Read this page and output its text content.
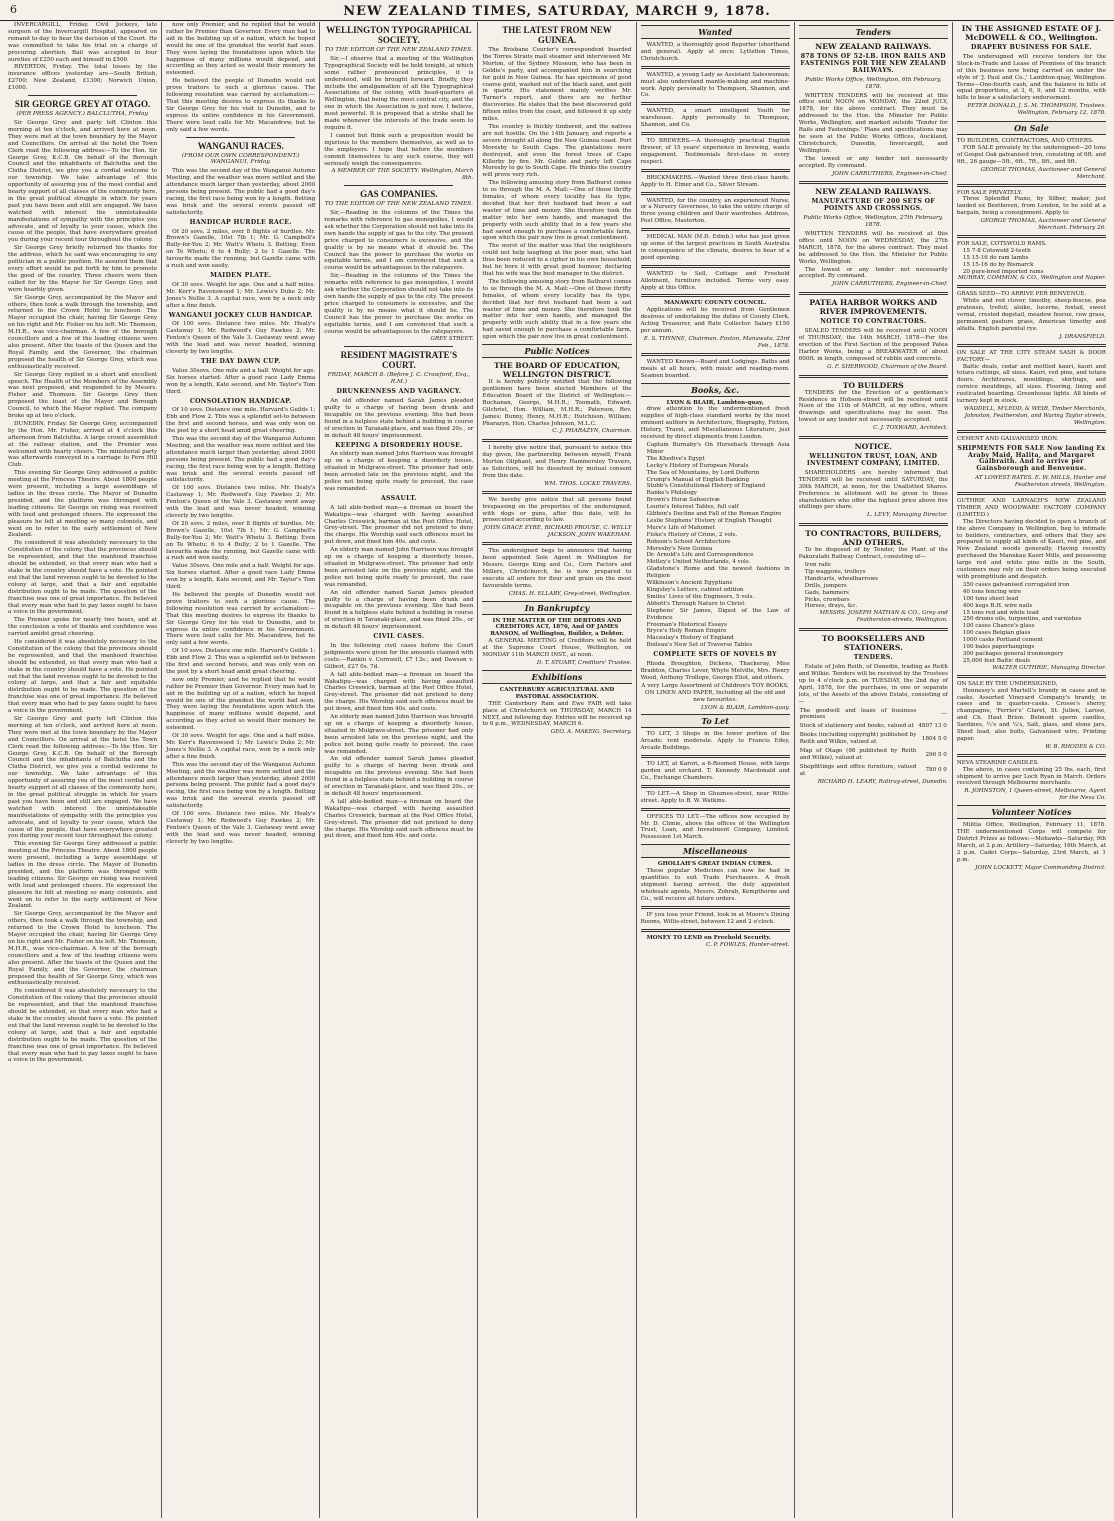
6	NEW ZEALAND TIMES, SATURDAY, MARCH 9, 1878.

INVERCARGILL, Friday. Civil Jockeys, late surgeon of the Invercargill Hospital, appeared on remand to-day to hear the decision of the Court. He was committed to take his trial on a charge of procuring abortion. Bail was accepted in four sureties of £250 each and himself in £500.

RIVERTON, Friday. The total losses by the insurance offices yesterday are—South British, £2700; New Zealand, £1300; Norwich Union, £1000.

SIR GEORGE GREY AT OTAGO.
(PER PRESS AGENCY.) BALCLUTHA, Friday.

Sir George Grey and party left Clinton this morning at ten o'clock, and arrived here at noon. They were met at the town boundary by the Mayor and Councillors. On arrival at the hotel the Town Clerk read the following address:—To the Hon. Sir George Grey, K.C.B. On behalf of the Borough Council and the inhabitants of Balclutha and the Clutha District, we give you a cordial welcome to our township. We take advantage of this opportunity of assuring you of the most cordial and hearty support of all classes of the community here, in the great political struggle in which for years past you have been and still are engaged. We have watched with interest the unmistakeable manifestations of sympathy with the principles you advocate, and of loyalty to your cause, which the cause of the people, that have everywhere greeted you during your recent tour throughout the colony.

Sir George Grey briefly returned his thanks for the address, which he said was encouraging to any politician in a public position. He assured them that every effort would be put forth by him to promote the good of the country. Three cheers were then called for by the Mayor for Sir George Grey, and were heartily given.

Sir George Grey, accompanied by the Mayor and others, then took a walk through the township, and returned to the Crown Hotel to luncheon. The Mayor occupied the chair, having Sir George Grey on his right and Mr. Fisher on his left. Mr. Thomson, M.H.R., was vice-chairman. A few of the borough councillors and a few of the leading citizens were also present. After the toasts of the Queen and the Royal Family, and the Governor, the chairman proposed the health of Sir George Grey, which was enthusiastically received.

Sir George Grey replied in a short and excellent speech. The Health of the Members of the Assembly was next proposed, and responded to by Messrs. Fisher and Thomson. Sir George Grey then proposed the toast of the Mayor and Borough Council, to which the Mayor replied. The company broke up at two o'clock.

DUNEDIN, Friday. Sir George Grey, accompanied by the Hon. Mr. Fisher, arrived at 4 o'clock this afternoon from Balclutha. A large crowd assembled at the railway station, and the Premier was welcomed with hearty cheers. The ministerial party was afterwards conveyed in a carriage to Fern Hill Club.

This evening Sir George Grey addressed a public meeting at the Princess Theatre. About 1800 people were present, including a large assemblage of ladies in the dress circle. The Mayor of Dunedin presided, and the platform was thronged with leading citizens. Sir George on rising was received with loud and prolonged cheers. He expressed the pleasure he felt at meeting so many colonists, and went on to refer to the early settlement of New Zealand.

He considered it was absolutely necessary to the Constitution of the colony that the provinces should be represented, and that the manhood franchise should be extended, so that every man who had a stake in the country should have a vote. He pointed out that the land revenue ought to be devoted to the colony at large, and that a fair and equitable distribution ought to be made. The question of the franchise was one of great importance. He believed that every man who had to pay taxes ought to have a voice in the government.

The Premier spoke for nearly two hours, and at the conclusion a vote of thanks and confidence was carried amidst great cheering.

He considered it was absolutely necessary to the Constitution of the colony that the provinces should be represented, and that the manhood franchise should be extended, so that every man who had a stake in the country should have a vote. He pointed out that the land revenue ought to be devoted to the colony at large, and that a fair and equitable distribution ought to be made. The question of the franchise was one of great importance. He believed that every man who had to pay taxes ought to have a voice in the government.

Sir George Grey and party left Clinton this morning at ten o'clock, and arrived here at noon. They were met at the town boundary by the Mayor and Councillors. On arrival at the hotel the Town Clerk read the following address:—To the Hon. Sir George Grey, K.C.B. On behalf of the Borough Council and the inhabitants of Balclutha and the Clutha District, we give you a cordial welcome to our township. We take advantage of this opportunity of assuring you of the most cordial and hearty support of all classes of the community here, in the great political struggle in which for years past you have been and still are engaged. We have watched with interest the unmistakeable manifestations of sympathy with the principles you advocate, and of loyalty to your cause, which the cause of the people, that have everywhere greeted you during your recent tour throughout the colony.

This evening Sir George Grey addressed a public meeting at the Princess Theatre. About 1800 people were present, including a large assemblage of ladies in the dress circle. The Mayor of Dunedin presided, and the platform was thronged with leading citizens. Sir George on rising was received with loud and prolonged cheers. He expressed the pleasure he felt at meeting so many colonists, and went on to refer to the early settlement of New Zealand.

Sir George Grey, accompanied by the Mayor and others, then took a walk through the township, and returned to the Crown Hotel to luncheon. The Mayor occupied the chair, having Sir George Grey on his right and Mr. Fisher on his left. Mr. Thomson, M.H.R., was vice-chairman. A few of the borough councillors and a few of the leading citizens were also present. After the toasts of the Queen and the Royal Family, and the Governor, the chairman proposed the health of Sir George Grey, which was enthusiastically received.

He considered it was absolutely necessary to the Constitution of the colony that the provinces should be represented, and that the manhood franchise should be extended, so that every man who had a stake in the country should have a vote. He pointed out that the land revenue ought to be devoted to the colony at large, and that a fair and equitable distribution ought to be made. The question of the franchise was one of great importance. He believed that every man who had to pay taxes ought to have a voice in the government.

now only Premier, and he replied that he would rather be Premier than Governor. Every man had to aid in the building up of a nation, which he hoped would be one of the grandest the world had seen. They were laying the foundations upon which the happiness of many millions would depend, and according as they acted so would their memory be esteemed.

He believed the people of Dunedin would not prove traitors to such a glorious cause. The following resolution was carried by acclamation:—That this meeting desires to express its thanks to Sir George Grey for his visit to Dunedin, and to express its entire confidence in his Government. There were loud calls for Mr. Macandrew, but he only said a few words.

WANGANUI RACES.
(FROM OUR OWN CORRESPONDENT.) WANGANUI, Friday.

This was the second day of the Wanganui Autumn Meeting, and the weather was more settled and the attendance much larger than yesterday, about 2000 persons being present. The public had a good day's racing, the first race being won by a length. Betting was brisk and the several events passed off satisfactorily.

HANDICAP HURDLE RACE.

Of 20 sovs. 2 miles, over 8 flights of hurdles. Mr. Brown's Gazelle, 10st 7lb 1; Mr. G. Campbell's Bully-for-You 2; Mr. Watt's Whetu 3. Betting: Even on Te Whetu; 6 to 4 Bully; 2 to 1 Gazelle. The favourite made the running, but Gazelle came with a rush and won easily.

MAIDEN PLATE.

Of 30 sovs. Weight for age. One and a half miles. Mr. Kerr's Ravenswood 1; Mr. Lewis's Duke 2; Mr. Jones's Nellie 3. A capital race, won by a neck only after a fine finish.

WANGANUI JOCKEY CLUB HANDICAP.

Of 100 sovs. Distance two miles. Mr. Healy's Castaway 1; Mr. Redwood's Guy Fawkes 2; Mr. Fenton's Queen of the Vale 3. Castaway went away with the lead and was never headed, winning cleverly by two lengths.

THE DAY DAWN CUP.

Value 30sovs. One mile and a half. Weight for age. Six horses started. After a good race Lady Emma won by a length, Kate second, and Mr. Taylor's Tom third.

CONSOLATION HANDICAP.

Of 10 sovs. Distance one mile. Harvard's Guilds 1; Ebb and Flow 2. This was a splendid set-to between the first and second horses, and was only won on the post by a short head amid great cheering.

This was the second day of the Wanganui Autumn Meeting, and the weather was more settled and the attendance much larger than yesterday, about 2000 persons being present. The public had a good day's racing, the first race being won by a length. Betting was brisk and the several events passed off satisfactorily.

Of 100 sovs. Distance two miles. Mr. Healy's Castaway 1; Mr. Redwood's Guy Fawkes 2; Mr. Fenton's Queen of the Vale 3. Castaway went away with the lead and was never headed, winning cleverly by two lengths.

Of 20 sovs. 2 miles, over 8 flights of hurdles. Mr. Brown's Gazelle, 10st 7lb 1; Mr. G. Campbell's Bully-for-You 2; Mr. Watt's Whetu 3. Betting: Even on Te Whetu; 6 to 4 Bully; 2 to 1 Gazelle. The favourite made the running, but Gazelle came with a rush and won easily.

Value 30sovs. One mile and a half. Weight for age. Six horses started. After a good race Lady Emma won by a length, Kate second, and Mr. Taylor's Tom third.

He believed the people of Dunedin would not prove traitors to such a glorious cause. The following resolution was carried by acclamation:—That this meeting desires to express its thanks to Sir George Grey for his visit to Dunedin, and to express its entire confidence in his Government. There were loud calls for Mr. Macandrew, but he only said a few words.

Of 10 sovs. Distance one mile. Harvard's Guilds 1; Ebb and Flow 2. This was a splendid set-to between the first and second horses, and was only won on the post by a short head amid great cheering.

now only Premier, and he replied that he would rather be Premier than Governor. Every man had to aid in the building up of a nation, which he hoped would be one of the grandest the world had seen. They were laying the foundations upon which the happiness of many millions would depend, and according as they acted so would their memory be esteemed.

Of 30 sovs. Weight for age. One and a half miles. Mr. Kerr's Ravenswood 1; Mr. Lewis's Duke 2; Mr. Jones's Nellie 3. A capital race, won by a neck only after a fine finish.

This was the second day of the Wanganui Autumn Meeting, and the weather was more settled and the attendance much larger than yesterday, about 2000 persons being present. The public had a good day's racing, the first race being won by a length. Betting was brisk and the several events passed off satisfactorily.

Of 100 sovs. Distance two miles. Mr. Healy's Castaway 1; Mr. Redwood's Guy Fawkes 2; Mr. Fenton's Queen of the Vale 3. Castaway went away with the lead and was never headed, winning cleverly by two lengths.

WELLINGTON TYPOGRAPHICAL SOCIETY.
TO THE EDITOR OF THE NEW ZEALAND TIMES.

Sir,—I observe that a meeting of the Wellington Typographical Society will be held tonight, at which some rather pronounced principles, it is understood, will be brought forward. Briefly, they include the amalgamation of all the Typographical Associations of the colony, with head-quarters at Wellington, that being the most central city, and the one in which the Association is just now, I believe, most powerful. It is proposed that a strike shall be made whenever the interests of the trade seem to require it.

I cannot but think such a proposition would be injurious to the members themselves, as well as to the employers. I hope that before the members commit themselves to any such course, they will seriously weigh the consequences.

A MEMBER OF THE SOCIETY. Wellington, March 8th.

GAS COMPANIES.
TO THE EDITOR OF THE NEW ZEALAND TIMES.

Sir,—Reading in the columns of the Times the remarks with reference to gas monopolies, I would ask whether the Corporation should not take into its own hands the supply of gas to the city. The present price charged to consumers is excessive, and the quality is by no means what it should be. The Council has the power to purchase the works on equitable terms, and I am convinced that such a course would be advantageous to the ratepayers.

Sir,—Reading in the columns of the Times the remarks with reference to gas monopolies, I would ask whether the Corporation should not take into its own hands the supply of gas to the city. The present price charged to consumers is excessive, and the quality is by no means what it should be. The Council has the power to purchase the works on equitable terms, and I am convinced that such a course would be advantageous to the ratepayers.

GREY STREET.

RESIDENT MAGISTRATE'S COURT.
FRIDAY, MARCH 8. (Before J. C. Crawford, Esq., R.M.)
DRUNKENNESS AND VAGRANCY.

An old offender named Sarah James pleaded guilty to a charge of having been drunk and incapable on the previous evening. She had been found in a helpless state behind a building in course of erection in Taranaki-place, and was fined 20s., or in default 48 hours' imprisonment.

KEEPING A DISORDERLY HOUSE.

An elderly man named John Harrison was brought up on a charge of keeping a disorderly house, situated in Mulgrave-street. The prisoner had only been arrested late on the previous night, and the police not being quite ready to proceed, the case was remanded.

ASSAULT.

A tall able-bodied man—a fireman on board the Wakatipu—was charged with having assaulted Charles Creswick, barman at the Post Office Hotel, Grey-street. The prisoner did not pretend to deny the charge. His Worship said such offences must be put down, and fined him 40s. and costs.

An elderly man named John Harrison was brought up on a charge of keeping a disorderly house, situated in Mulgrave-street. The prisoner had only been arrested late on the previous night, and the police not being quite ready to proceed, the case was remanded.

An old offender named Sarah James pleaded guilty to a charge of having been drunk and incapable on the previous evening. She had been found in a helpless state behind a building in course of erection in Taranaki-place, and was fined 20s., or in default 48 hours' imprisonment.

CIVIL CASES.

In the following civil cases before the Court judgments were given for the amounts claimed with costs:—Rankin v. Cornwell, £7 13s.; and Dawson v. Gilbert, £27 0s. 7d.

A tall able-bodied man—a fireman on board the Wakatipu—was charged with having assaulted Charles Creswick, barman at the Post Office Hotel, Grey-street. The prisoner did not pretend to deny the charge. His Worship said such offences must be put down, and fined him 40s. and costs.

An elderly man named John Harrison was brought up on a charge of keeping a disorderly house, situated in Mulgrave-street. The prisoner had only been arrested late on the previous night, and the police not being quite ready to proceed, the case was remanded.

An old offender named Sarah James pleaded guilty to a charge of having been drunk and incapable on the previous evening. She had been found in a helpless state behind a building in course of erection in Taranaki-place, and was fined 20s., or in default 48 hours' imprisonment.

A tall able-bodied man—a fireman on board the Wakatipu—was charged with having assaulted Charles Creswick, barman at the Post Office Hotel, Grey-street. The prisoner did not pretend to deny the charge. His Worship said such offences must be put down, and fined him 40s. and costs.

THE LATEST FROM NEW GUINEA.

The Brisbane Courier's correspondent boarded the Torres Straits mail steamer and interviewed Mr. Morton, of the Sydney Museum, who has been in Goldie's party, and accompanied him in searching for gold in New Guinea. He has specimens of good coarse gold, washed out of the black sand, and gold in quartz. His statement mainly verifies Mr. Turner's report, and there are no further discoveries. He states that the best discovered gold fifteen miles from the coast, and followed it up sixty miles.

The country is thickly timbered, and the natives are not hostile. On the 14th January, and reports a severe drought all along the New Guinea coast. Port Moresby to South Cape. The plantations were destroyed, and even the forest trees of Cape Killerby by fire. Mr. Goldie and party left Cape Moresby to go to South Cape. He thinks the country will prove very rich.

The following amusing story from Bathurst comes to us through the M. A. Mail:—One of those thrifty females, of whom every locality has its type, decided that her first husband had been a sad waster of time and money. She therefore took the matter into her own hands, and managed the property with such ability that in a few years she had saved enough to purchase a comfortable farm, upon which the pair now live in great contentment.

The worst of the matter was that the neighbours could not help laughing at the poor man, who had thus been reduced to a cipher in his own household; but he bore it with great good humour, declaring that his wife was the best manager in the district.

The following amusing story from Bathurst comes to us through the M. A. Mail:—One of those thrifty females, of whom every locality has its type, decided that her first husband had been a sad waster of time and money. She therefore took the matter into her own hands, and managed the property with such ability that in a few years she had saved enough to purchase a comfortable farm, upon which the pair now live in great contentment.

Public Notices
THE BOARD OF EDUCATION, WELLINGTON DISTRICT.

It is hereby publicly notified that the following gentlemen have been elected Members of the Education Board of the District of Wellington:—Buchanan, George, M.H.R.; Toomath, Edward; Gilchrist, Hon. William, M.H.R.; Paterson, Rev. James; Bunny, Henry, M.H.R.; Hutchison, William; Pharazyn, Hon. Charles Johnson, M.L.C.

C. J. PHARAZYN, Chairman.

I hereby give notice that, pursuant to notice this day given, the partnership between myself, Frank Morton Oliphant, and Henry Hammersley Travers, as Solicitors, will be dissolved by mutual consent from this date.

WM. THOS. LOCKE TRAVERS.

We hereby give notice that all persons found trespassing on the properties of the undersigned, with dogs or guns, after this date, will be prosecuted according to law.

JOHN GRACE EYRE, RICHARD PROUSE, C. WELLY JACKSON, JOHN WAKEHAM.

The undersigned begs to announce that having been appointed Sole Agent in Wellington for Messrs. George King and Co., Corn Factors and Millers, Christchurch, he is now prepared to execute all orders for flour and grain on the most favourable terms.

CHAS. H. ELLABY, Grey-street, Wellington.

In Bankruptcy
IN THE MATTER OF THE DEBTORS AND CREDITORS ACT, 1876, And OF JAMES RANSON, of Wellington, Builder, a Debtor.

A GENERAL MEETING of Creditors will be held at the Supreme Court House, Wellington, on MONDAY 11th MARCH INST., at noon.

D. T. STUART, Creditors' Trustee.

Exhibitions
CANTERBURY AGRICULTURAL AND PASTORAL ASSOCIATION.

THE Canterbury Ram and Ewe FAIR will take place at Christchurch on THURSDAY, MARCH 14 NEXT, and following day. Entries will be received up to 6 p.m., WEDNESDAY, MARCH 6.

GEO. A. MAKEIG, Secretary.

Wanted

WANTED, a thoroughly good Reporter (shorthand and general). Apply at once; Lyttelton Times, Christchurch.

WANTED, a young Lady as Assistant Saleswoman; must also understand mantle-making and machine-work. Apply personally to Thompson, Shannon, and Co.

WANTED, a smart intelligent Youth for warehouse. Apply personally to Thompson, Shannon, and Co.

TO BREWERS.—A thoroughly practical English Brewer, of 15 years' experience in brewing, wants engagement. Testimonials first-class in every respect.

BRICKMAKERS.—Wanted three first-class hands. Apply to H. Elmer and Co., Silver Stream.

WANTED, for the country, an experienced Nurse, or a Nursery Governess, to take the entire charge of three young children and their wardrobes. Address, Post Office, Masterton.

MEDICAL MAN (M.D. Edinb.) who has just given up some of the largest practices in South Australia in consequence of the climate, desires to hear of a good opening.

WANTED to Sell, Cottage and Freehold Allotment, furniture included. Terms very easy. Apply at this Office.

MANAWATU COUNTY COUNCIL.

Applications will be received from Gentlemen desirous of undertaking the duties of County Clerk, Acting Treasurer, and Rate Collector. Salary £150 per annum.

E. S. THYNNE, Chairman. Foxton, Manawatu, 23rd Feb., 1878.

WANTED Known—Board and Lodgings. Baths and meals at all hours, with music and reading-room. Seamen boarded.

Books, &c.
LYON & BLAIR, Lambton-quay,

draw attention to the undermentioned fresh supplies of high-class standard works by the most eminent authors in Architecture, Biography, Fiction, History, Travel, and Miscellaneous Literature, just received by direct shipments from London.

Captain Burnaby's On Horseback through Asia Minor
The Khedive's Egypt
Lecky's History of European Morals
The Sea of Mountains, by Lord Dufferin
Crump's Manual of English Banking
Stubb's Constitutional History of England
Ranke's Philology
Brown's Horæ Subsecivæ
Lourie's Interest Tables, full calf
Gibbon's Decline and Fall of the Roman Empire
Leslie Stephens' History of English Thought
Mure's Life of Mahomet
Fiske's History of Crime, 2 vols.
Robson's School Architecture
Moresby's New Guinea
Dr. Arnold's Life and Correspondence
Motley's United Netherlands, 4 vols.
Gladstone's Rome and the newest fashions in Religion
Wilkinson's Ancient Egyptians
Kingsley's Letters, cabinet edition
Smiles' Lives of the Engineers, 5 vols.
Abbott's Through Nature to Christ
Stephens' Sir James, Digest of the Law of Evidence
Freeman's Historical Essays
Bryce's Holy Roman Empire
Macaulay's History of England
Boileau's New Set of Traverse Tables
COMPLETE SETS OF NOVELS BY

Rhoda Broughton, Dickens, Thackeray, Miss Braddon, Charles Lever, Whyte Melville, Mrs. Henry Wood, Anthony Trollope, George Eliot, and others.

A very Large Assortment of Children's TOY BOOKS, ON LINEN AND PAPER, Including all the old and new favourites.

LYON & BLAIR, Lambton-quay.

To Let

TO LET, 3 Shops in the lower portion of the Arcade; rent moderate. Apply to Francis Edey, Arcade Buildings.

TO LET, at Karori, a 6-Roomed House, with large garden and orchard. T. Kennedy Macdonald and Co., Exchange Chambers.

TO LET.—A Shop in Ghuznee-street, near Willis-street. Apply to B. W. Watkins.

OFFICES TO LET.—The offices now occupied by Mr. D. Climie, above the offices of the Wellington Trust, Loan, and Investment Company, Limited. Possession 1st March.

Miscellaneous
GHOLLAH'S GREAT INDIAN CURES.

These popular Medicines can now be had in quantities to suit Trade Purchasers. A fresh shipment having arrived, the duly appointed wholesale agents, Messrs. Zohrab, Kempthorne and Co., will receive all future orders.

IF you lose your Friend, look in at Moore's Dining Rooms, Willis-street, between 12 and 2 o'clock.

MONEY TO LEND on Freehold Security.

C. P. FOWLES, Hunter-street.

Tenders
NEW ZEALAND RAILWAYS.
878 TONS OF 52-LB. IRON RAILS AND FASTENINGS FOR THE NEW ZEALAND RAILWAYS.
Public Works Office, Wellington, 6th February, 1878.

WRITTEN TENDERS will be received at this office until NOON on MONDAY, the 22nd JULY, 1878, for the above contract. They must be addressed to the Hon. the Minister for Public Works, Wellington, and marked outside 'Tender for Rails and Fastenings.' Plans and specifications may be seen at the Public Works Offices, Auckland, Christchurch, Dunedin, Invercargill, and Wellington.

The lowest or any tender not necessarily accepted. By command.

JOHN CARRUTHERS, Engineer-in-Chief.

NEW ZEALAND RAILWAYS.
MANUFACTURE OF 200 SETS OF POINTS AND CROSSINGS.
Public Works Office, Wellington, 27th February, 1878.

WRITTEN TENDERS will be received at this office until NOON on WEDNESDAY, the 27th MARCH, 1878, for the above contract. They must be addressed to the Hon. the Minister for Public Works, Wellington.

The lowest or any tender not necessarily accepted. By command.

JOHN CARRUTHERS, Engineer-in-Chief.

PATEA HARBOR WORKS AND RIVER IMPROVEMENTS.
NOTICE TO CONTRACTORS.

SEALED TENDERS will be received until NOON of THURSDAY, the 14th MARCH, 1878—For the erection of the First Section of the proposed Patea Harbor Works, being a BREAKWATER of about 600ft. in length, composed of rubble and concrete.

G. F. SHERWOOD, Chairman of the Board.

TO BUILDERS

TENDERS for the Erection of a gentleman's Residence in Hobson-street will be received until Noon of the 11th of MARCH, at my office, where drawings and specifications may be seen. The lowest or any tender not necessarily accepted.

C. J. TOXWARD, Architect.

NOTICE.
WELLINGTON TRUST, LOAN, AND INVESTMENT COMPANY, LIMITED.

SHAREHOLDERS are hereby informed that TENDERS will be received until SATURDAY, the 30th MARCH, at noon, for the Unallotted Shares. Preference in allotment will be given to those shareholders who offer the highest price above five shillings per share.

L. LEVY, Managing Director.

TO CONTRACTORS, BUILDERS, AND OTHERS.

To be disposed of by Tender, the Plant of the Pakuratahi Railway Contract, consisting of—

Iron rails
Tip waggons, trolleys
Handcarts, wheelbarrows
Drills, jumpers
Gads, hammers
Picks, crowbars
Horses, drays, &c.

MESSRS. JOSEPH NATHAN & CO., Grey and Featherston-streets, Wellington.

TO BOOKSELLERS AND STATIONERS.
TENDERS.

Estate of John Reith, of Dunedin, trading as Reith and Wilkie. Tenders will be received by the Trustees up to 4 o'clock p.m. on TUESDAY, the 2nd day of April, 1878, for the purchase, in one or separate lots, of the Assets of the above Estate, consisting of—

The goodwill and lease of business premises	—
Stock of stationery and books, valued at	4807 13 0
Books (including copyright) published by Reith and Wilkie, valued at	1804 5 0
Map of Otago (98 published by Reith and Wilkie), valued at	296 5 0
Shopfittings and office furniture, valued at	780 0 0

RICHARD H. LEARY, Rattray-street, Dunedin.

IN THE ASSIGNED ESTATE OF J. McDOWELL & CO., Wellington.
DRAPERY BUSINESS FOR SALE.

The undersigned will receive tenders for the Stock-in-Trade and Lease of Premises of the branch of this business now being carried on under the style of 'J. Paul and Co.,' Lambton-quay, Wellington. Terms—One-fourth cash, and the balance in bills of equal proportions, at 3, 6, 9, and 12 months, with bills to bear a satisfactory endorsement.

PETER DONALD, J. S. M. THOMPSON, Trustees. Wellington, February 12, 1878.

On Sale
TO BUILDERS, CONTRACTORS, AND OTHERS.

FOR SALE privately by the undersigned—20 tons of Gospel Oak galvanised iron, consisting of 6ft. and 9ft., 26 gauge—5ft., 6ft., 7ft., 8ft., and 9ft.

GEORGE THOMAS, Auctioneer and General Merchant.

FOR SALE PRIVATELY.

Three Splendid Piano, by Silber, maker, just landed ex Beethoven, from London, to be sold at a bargain, being a consignment. Apply to

GEORGE THOMAS, Auctioneer and General Merchant. February 26.

FOR SALE, COTSWOLD RAMS.
15 7-8 Cotswold 2-teeth
15 15-16 do ram lambs
15 15-16 do by Bismarck
20 pure-bred imported rams

MURRAY, COMMON, & CO., Wellington and Napier.

GRASS SEED—TO ARRIVE PER BENVENUE.

White and red clover, timothy, sheep-fescue, poa pratensis, trefoil, alsike, lucerne, foxtail, sweet vernal, crested dogstail, meadow fescue, cow grass, permanent pasture grass, American timothy and alfalfa. English parental rye.

J. DRANSFIELD.

ON SALE AT THE CITY STEAM SASH & DOOR FACTORY—

Baltic deals, cedar and mottled kauri, kauri and totara cuttings, all sizes. Kauri, red pine, and totara doors. Architraves, mouldings, skirtings, and cornice mouldings, all sizes. Flooring, lining and rusticated boarding. Greenhouse lights. All kinds of turnery kept in stock.

WADDELL, M'LEOD, & WEIR, Timber Merchants, Johnston, Featherston, and Waring Taylor streets, Wellington.

CEMENT AND GALVANISED IRON.
SHIPMENTS FOR SALE Now landing Ex Araby Maid, Halita, and Margaret Galbraith. And to arrive per Gainsborough and Benvenue.

AT LOWEST RATES. E. W. MILLS, Hunter and Featherston streets, Wellington.

GUTHRIE AND LARNACH'S NEW ZEALAND TIMBER AND WOODWARE FACTORY COMPANY (LIMITED.)

The Directors having decided to open a branch of the above Company in Wellington, beg to intimate to builders, contractors, and others that they are prepared to supply all kinds of Kauri, red pine, and New Zealand woods generally. Having recently purchased the Manukau Kauri Mills, and possessing large red and white pine mills in the South, customers may rely on their orders being executed with promptitude and despatch.

350 cases galvanised corrugated iron
40 tons fencing wire
100 tons sheet lead
400 kegs B.H. wire nails
15 tons red and white lead
250 drums oils, turpentine, and varnishes
100 cases Chance's glass
100 cases Belgian glass
1000 casks Portland cement
100 bales paperhangings
300 packages general ironmongery
25,000 feet Baltic deals

WALTER GUTHRIE, Managing Director.

ON SALE BY THE UNDERSIGNED,

Hennessy's and Martell's brandy in cases and in casks. Assorted Vineyard Company's brandy, in cases and in quarter-casks. Crosse's sherry, champagne, 'Ferrier's' Claret, St. Julien, Larose, and Ch. Haut Brion. Belmont sperm candles, Sardines, ½'s and ¼'s, Salt, glass, and stone jars, Sheet lead, also bolts, Galvanised wire, Printing paper.

W. B. RHODES & CO.

NEVA STEARINE CANDLES.

The above, in cases containing 25 lbs. each, first shipment to arrive per Loch Ryan in March. Orders received through Melbourne merchants.

R. JOHNSTON, 1 Queen-street, Melbourne, Agent for the Neva Co.

Volunteer Notices

Militia Office, Wellington, February 11, 1878. THE undermentioned Corps will compete for District Prizes as follows:—Mohawks—Saturday, 9th March, at 2 p.m. Artillery—Saturday, 16th March, at 2 p.m. Cadet Corps—Saturday, 23rd March, at 1 p.m.

JOHN LOCKETT, Major Commanding District.
